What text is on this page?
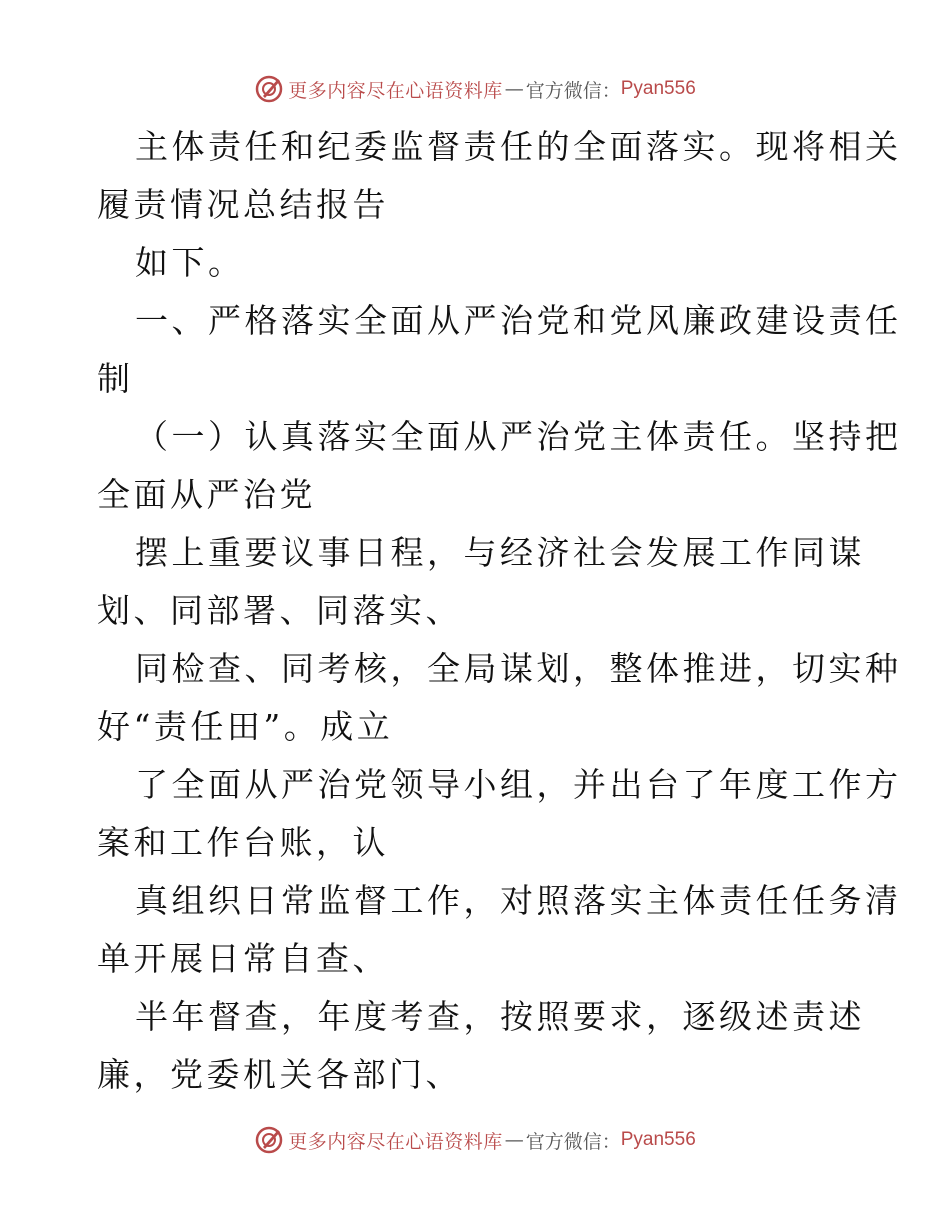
更多内容尽在心语资料库 — 官方微信： Pyan556
主体责任和纪委监督责任的全面落实。现将相关
履责情况总结报告
如下。
一、严格落实全面从严治党和党风廉政建设责任
制
（一）认真落实全面从严治党主体责任。坚持把
全面从严治党
摆上重要议事日程，与经济社会发展工作同谋
划、同部署、同落实、
同检查、同考核，全局谋划，整体推进，切实种
好“责任田”。成立
了全面从严治党领导小组，并出台了年度工作方
案和工作台账，认
真组织日常监督工作，对照落实主体责任任务清
单开展日常自查、
半年督查，年度考查，按照要求，逐级述责述
廉，党委机关各部门、
更多内容尽在心语资料库 — 官方微信： Pyan556
